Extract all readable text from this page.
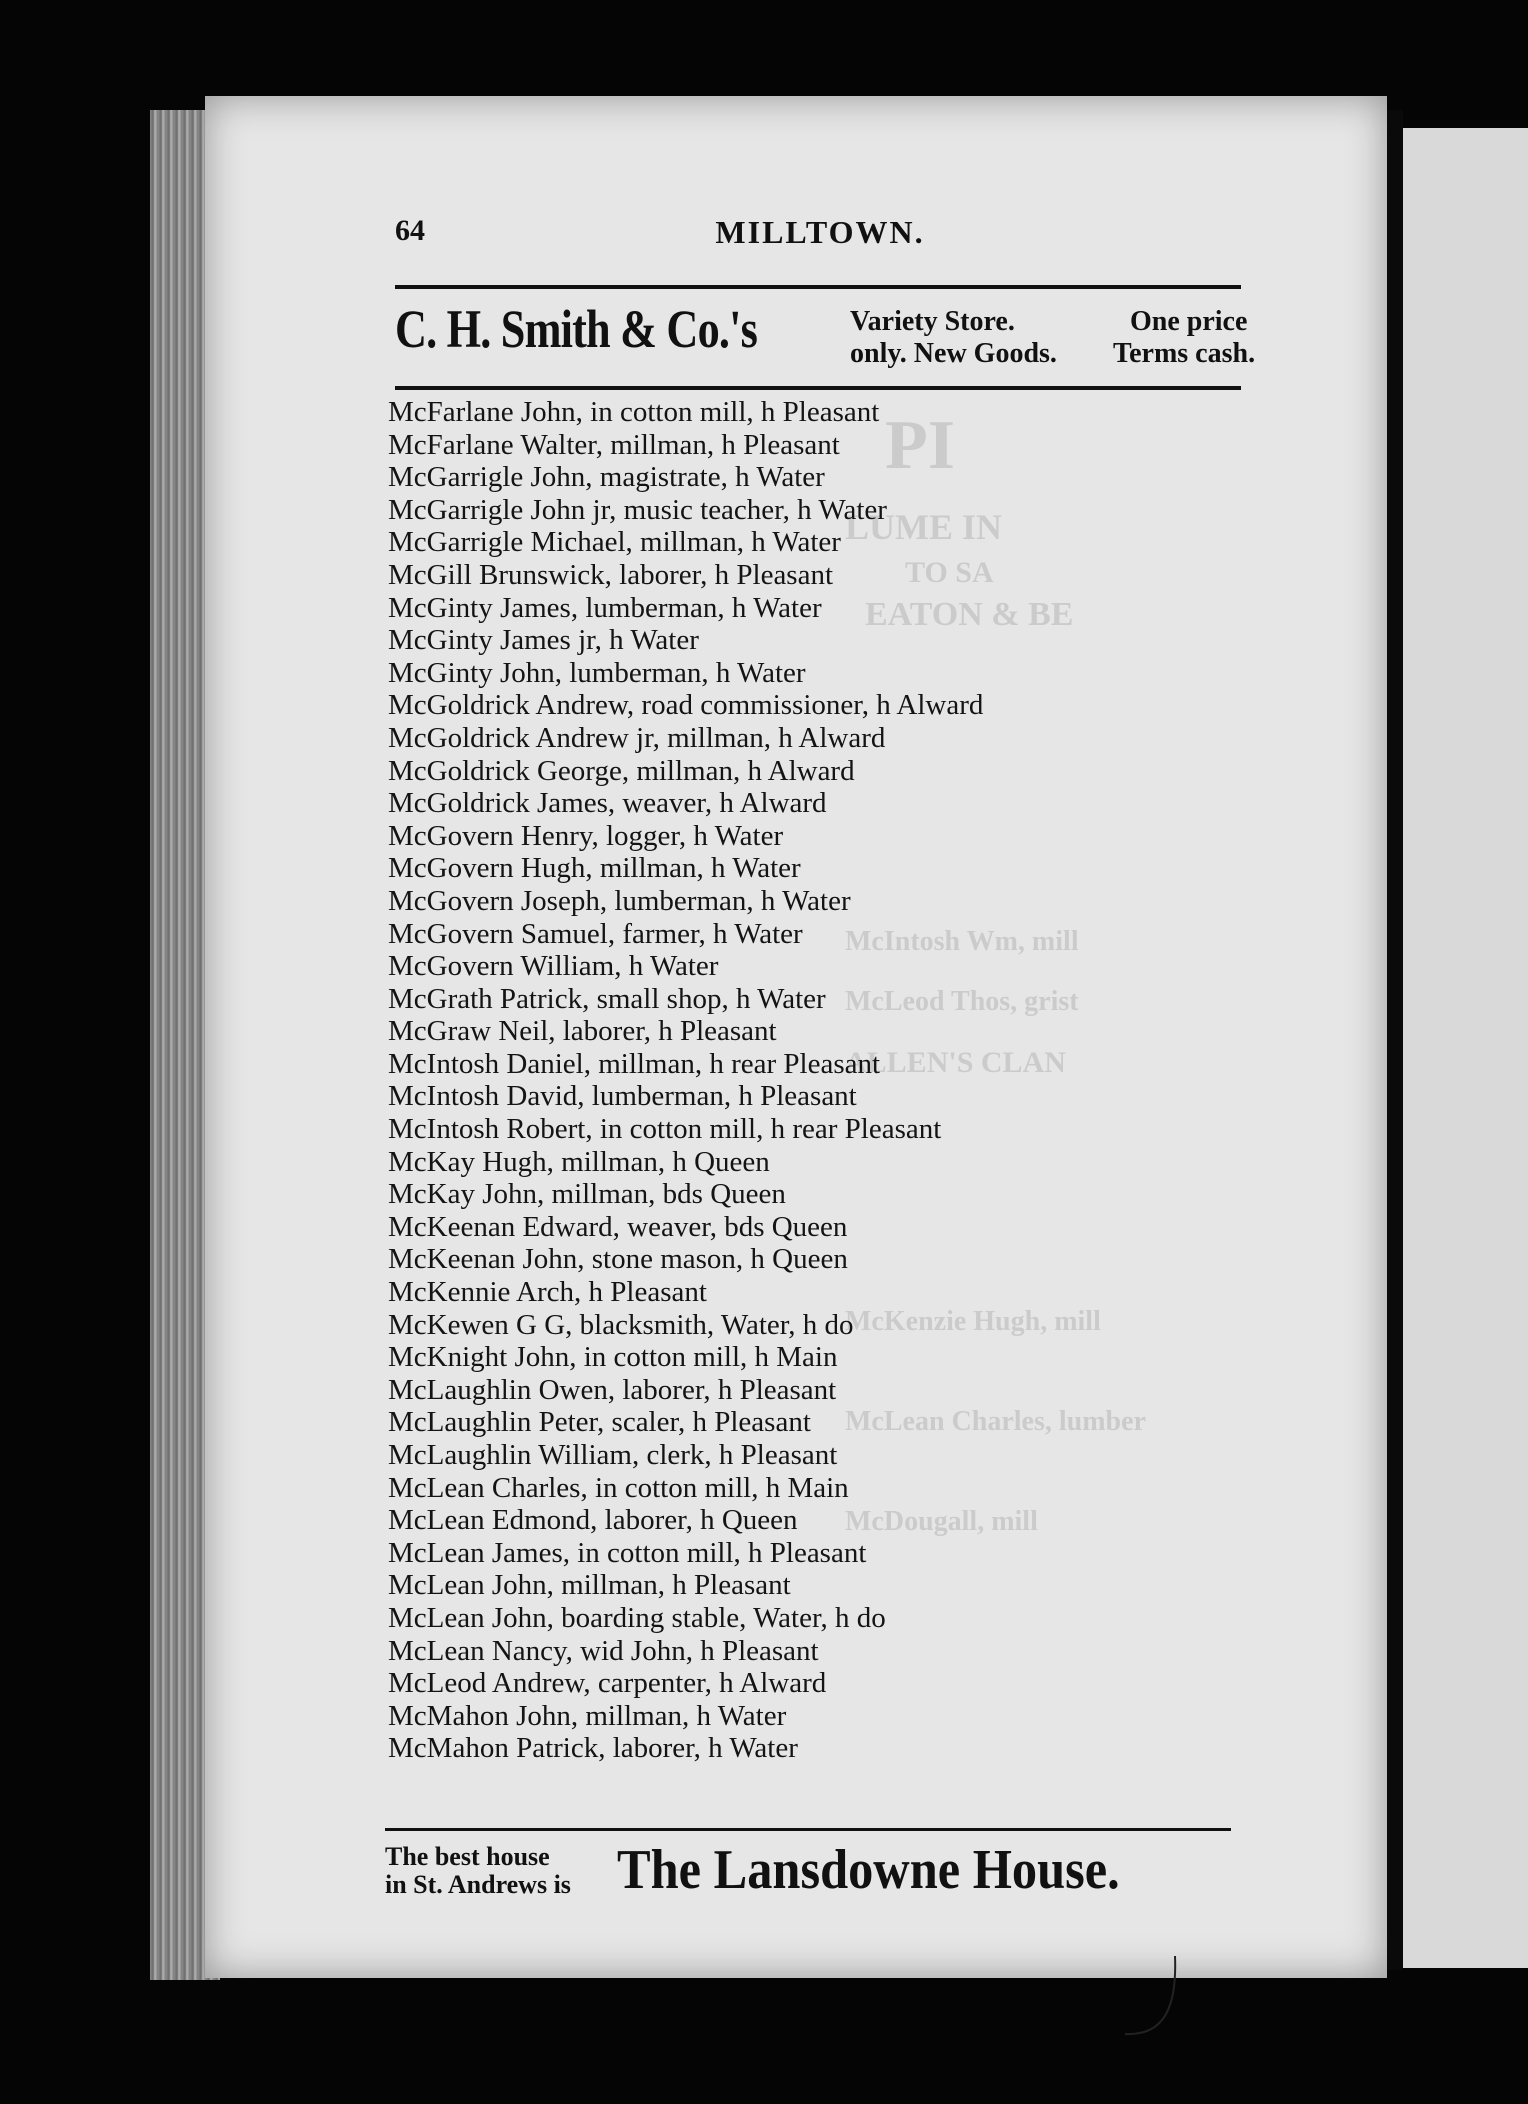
64	MILLTOWN.
C. H. Smith & Co.'s	Variety Store.
only. New Goods.
One price
Terms cash.
PI
LUME IN
TO SA
EATON & BE
McIntosh Wm, mill
McLeod Thos, grist
ALLEN'S CLAN
McKenzie Hugh, mill
McLean Charles, lumber
McDougall, mill
McFarlane John, in cotton mill, h Pleasant
McFarlane Walter, millman, h Pleasant
McGarrigle John, magistrate, h Water
McGarrigle John jr, music teacher, h Water
McGarrigle Michael, millman, h Water
McGill Brunswick, laborer, h Pleasant
McGinty James, lumberman, h Water
McGinty James jr, h Water
McGinty John, lumberman, h Water
McGoldrick Andrew, road commissioner, h Alward
McGoldrick Andrew jr, millman, h Alward
McGoldrick George, millman, h Alward
McGoldrick James, weaver, h Alward
McGovern Henry, logger, h Water
McGovern Hugh, millman, h Water
McGovern Joseph, lumberman, h Water
McGovern Samuel, farmer, h Water
McGovern William, h Water
McGrath Patrick, small shop, h Water
McGraw Neil, laborer, h Pleasant
McIntosh Daniel, millman, h rear Pleasant
McIntosh David, lumberman, h Pleasant
McIntosh Robert, in cotton mill, h rear Pleasant
McKay Hugh, millman, h Queen
McKay John, millman, bds Queen
McKeenan Edward, weaver, bds Queen
McKeenan John, stone mason, h Queen
McKennie Arch, h Pleasant
McKewen G G, blacksmith, Water, h do
McKnight John, in cotton mill, h Main
McLaughlin Owen, laborer, h Pleasant
McLaughlin Peter, scaler, h Pleasant
McLaughlin William, clerk, h Pleasant
McLean Charles, in cotton mill, h Main
McLean Edmond, laborer, h Queen
McLean James, in cotton mill, h Pleasant
McLean John, millman, h Pleasant
McLean John, boarding stable, Water, h do
McLean Nancy, wid John, h Pleasant
McLeod Andrew, carpenter, h Alward
McMahon John, millman, h Water
McMahon Patrick, laborer, h Water
The best house
in St. Andrews is The Lansdowne House.
